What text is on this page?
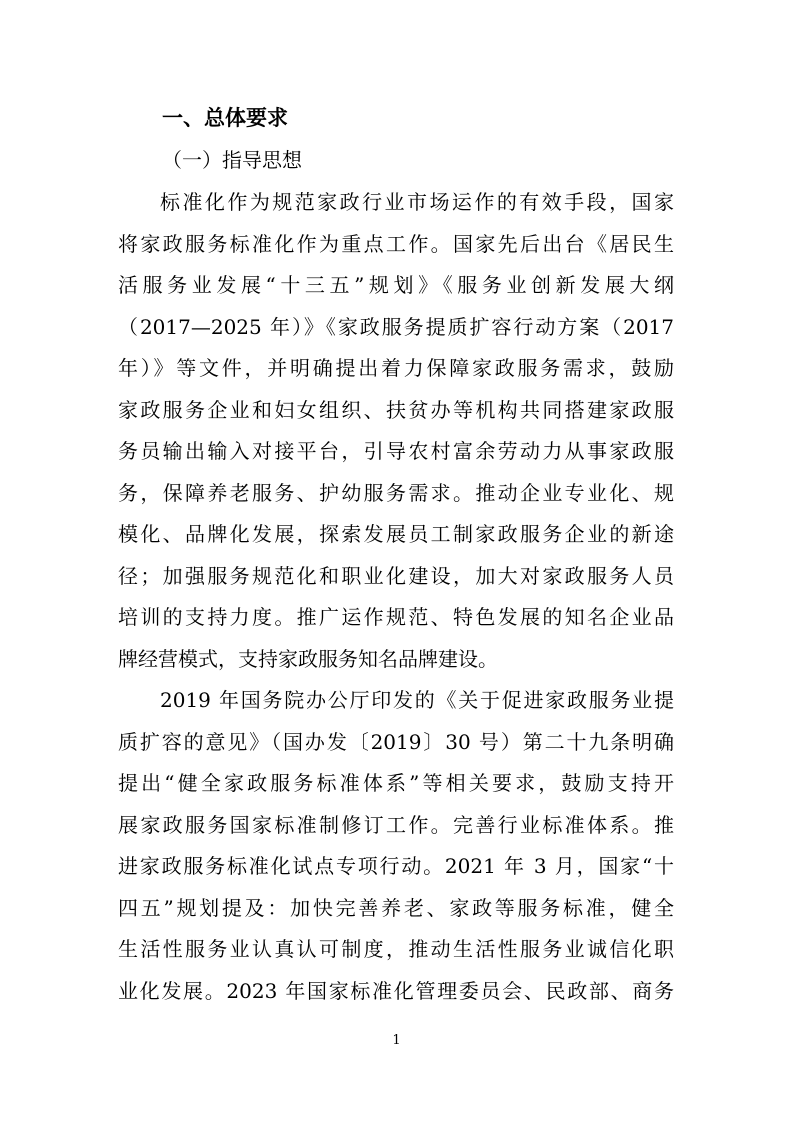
一、总体要求
（一）指导思想
标准化作为规范家政行业市场运作的有效手段，国家
将家政服务标准化作为重点工作。国家先后出台《居民生
活服务业发展“十三五”规划》《服务业创新发展大纲
（2017—2025 年）》《家政服务提质扩容行动方案（2017
年）》等文件，并明确提出着力保障家政服务需求，鼓励
家政服务企业和妇女组织、扶贫办等机构共同搭建家政服
务员输出输入对接平台，引导农村富余劳动力从事家政服
务，保障养老服务、护幼服务需求。推动企业专业化、规
模化、品牌化发展，探索发展员工制家政服务企业的新途
径；加强服务规范化和职业化建设，加大对家政服务人员
培训的支持力度。推广运作规范、特色发展的知名企业品
牌经营模式，支持家政服务知名品牌建设。
2019 年国务院办公厅印发的《关于促进家政服务业提
质扩容的意见》（国办发〔2019〕30 号）第二十九条明确
提出“健全家政服务标准体系”等相关要求，鼓励支持开
展家政服务国家标准制修订工作。完善行业标准体系。推
进家政服务标准化试点专项行动。2021 年 3 月，国家“十
四五”规划提及：加快完善养老、家政等服务标准，健全
生活性服务业认真认可制度，推动生活性服务业诚信化职
业化发展。2023 年国家标准化管理委员会、民政部、商务
1
